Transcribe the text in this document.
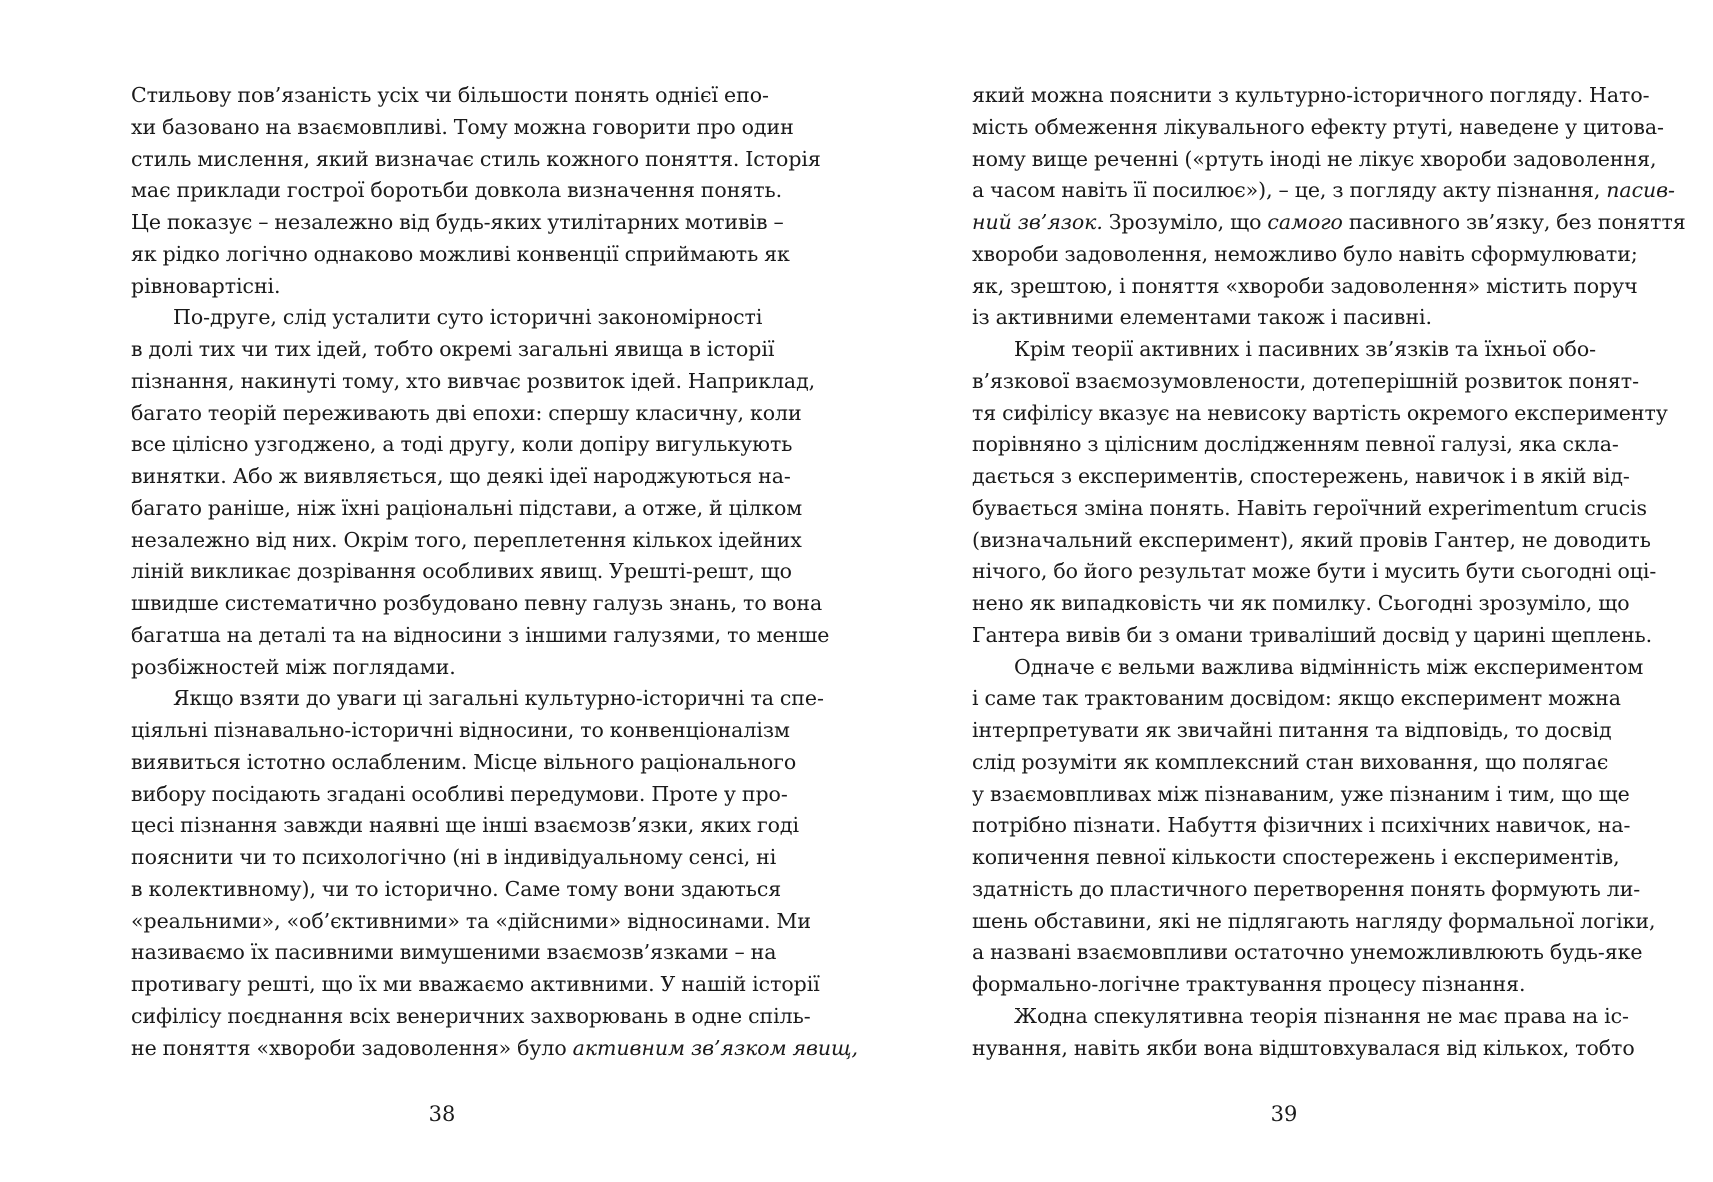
Стильову пов’язаність усіх чи більшости понять однієї епо-
хи базовано на взаємовпливі. Тому можна говорити про один
стиль мислення, який визначає стиль кожного поняття. Історія
має приклади гострої боротьби довкола визначення понять.
Це показує – незалежно від будь-яких утилітарних мотивів –
як рідко логічно однаково можливі конвенції сприймають як
рівновартісні.
По-друге, слід усталити суто історичні закономірності
в долі тих чи тих ідей, тобто окремі загальні явища в історії
пізнання, накинуті тому, хто вивчає розвиток ідей. Наприклад,
багато теорій переживають дві епохи: спершу класичну, коли
все цілісно узгоджено, а тоді другу, коли допіру вигулькують
винятки. Або ж виявляється, що деякі ідеї народжуються на-
багато раніше, ніж їхні раціональні підстави, а отже, й цілком
незалежно від них. Окрім того, переплетення кількох ідейних
ліній викликає дозрівання особливих явищ. Урешті-решт, що
швидше систематично розбудовано певну галузь знань, то вона
багатша на деталі та на відносини з іншими галузями, то менше
розбіжностей між поглядами.
Якщо взяти до уваги ці загальні культурно-історичні та спе-
ціяльні пізнавально-історичні відносини, то конвенціоналізм
виявиться істотно ослабленим. Місце вільного раціонального
вибору посідають згадані особливі передумови. Проте у про-
цесі пізнання завжди наявні ще інші взаємозв’язки, яких годі
пояснити чи то психологічно (ні в індивідуальному сенсі, ні
в колективному), чи то історично. Саме тому вони здаються
«реальними», «об’єктивними» та «дійсними» відносинами. Ми
називаємо їх пасивними вимушеними взаємозв’язками – на
противагу решті, що їх ми вважаємо активними. У нашій історії
сифілісу поєднання всіх венеричних захворювань в одне спіль-
не поняття «хвороби задоволення» було активним зв’язком явищ,
який можна пояснити з культурно-історичного погляду. Нато-
мість обмеження лікувального ефекту ртуті, наведене у цитова-
ному вище реченні («ртуть іноді не лікує хвороби задоволення,
а часом навіть її посилює»), – це, з погляду акту пізнання, пасив-
ний зв’язок. Зрозуміло, що самого пасивного зв’язку, без поняття
хвороби задоволення, неможливо було навіть сформулювати;
як, зрештою, і поняття «хвороби задоволення» містить поруч
із активними елементами також і пасивні.
Крім теорії активних і пасивних зв’язків та їхньої обо-
в’язкової взаємозумовлености, дотеперішній розвиток понят-
тя сифілісу вказує на невисоку вартість окремого експерименту
порівняно з цілісним дослідженням певної галузі, яка скла-
дається з експериментів, спостережень, навичок і в якій від-
бувається зміна понять. Навіть героїчний experimentum crucis
(визначальний експеримент), який провів Гантер, не доводить
нічого, бо його результат може бути і мусить бути сьогодні оці-
нено як випадковість чи як помилку. Сьогодні зрозуміло, що
Гантера вивів би з омани триваліший досвід у царині щеплень.
Одначе є вельми важлива відмінність між експериментом
і саме так трактованим досвідом: якщо експеримент можна
інтерпретувати як звичайні питання та відповідь, то досвід
слід розуміти як комплексний стан виховання, що полягає
у взаємовпливах між пізнаваним, уже пізнаним і тим, що ще
потрібно пізнати. Набуття фізичних і психічних навичок, на-
копичення певної кількости спостережень і експериментів,
здатність до пластичного перетворення понять формують ли-
шень обставини, які не підлягають нагляду формальної логіки,
а названі взаємовпливи остаточно унеможливлюють будь-яке
формально-логічне трактування процесу пізнання.
Жодна спекулятивна теорія пізнання не має права на іс-
нування, навіть якби вона відштовхувалася від кількох, тобто
38	39
